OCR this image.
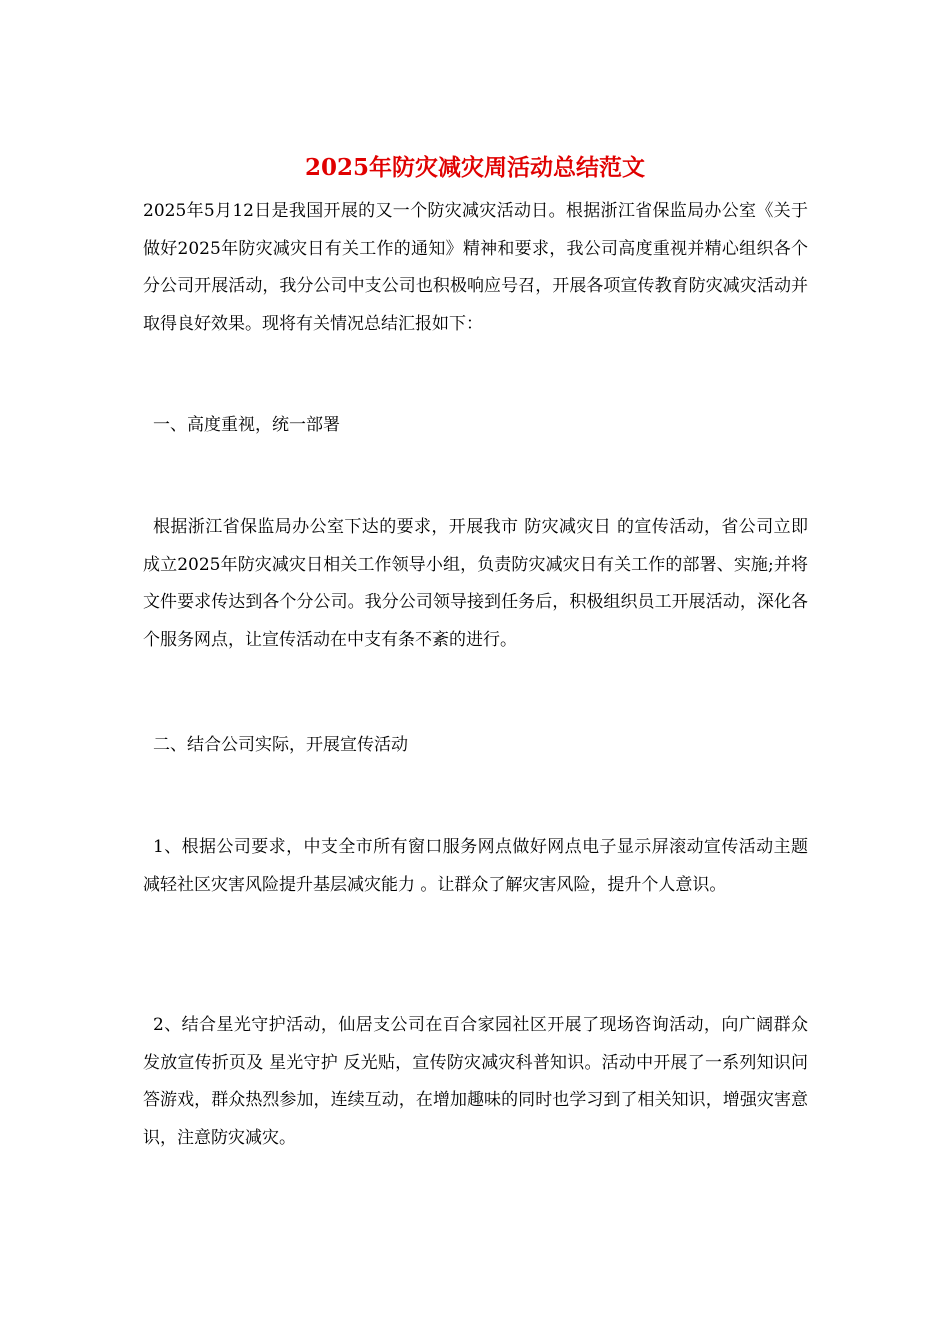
2025年防灾减灾周活动总结范文

2025年5月12日是我国开展的又一个防灾减灾活动日。根据浙江省保监局办公室《关于做好2025年防灾减灾日有关工作的通知》精神和要求，我公司高度重视并精心组织各个分公司开展活动，我分公司中支公司也积极响应号召，开展各项宣传教育防灾减灾活动并取得良好效果。现将有关情况总结汇报如下：

一、高度重视，统一部署

根据浙江省保监局办公室下达的要求，开展我市 防灾减灾日 的宣传活动，省公司立即成立2025年防灾减灾日相关工作领导小组，负责防灾减灾日有关工作的部署、实施;并将文件要求传达到各个分公司。我分公司领导接到任务后，积极组织员工开展活动，深化各个服务网点，让宣传活动在中支有条不紊的进行。

二、结合公司实际，开展宣传活动

1、根据公司要求，中支全市所有窗口服务网点做好网点电子显示屏滚动宣传活动主题 减轻社区灾害风险提升基层减灾能力 。让群众了解灾害风险，提升个人意识。

2、结合星光守护活动，仙居支公司在百合家园社区开展了现场咨询活动，向广阔群众发放宣传折页及 星光守护 反光贴，宣传防灾减灾科普知识。活动中开展了一系列知识问答游戏，群众热烈参加，连续互动，在增加趣味的同时也学习到了相关知识，增强灾害意识，注意防灾减灾。
